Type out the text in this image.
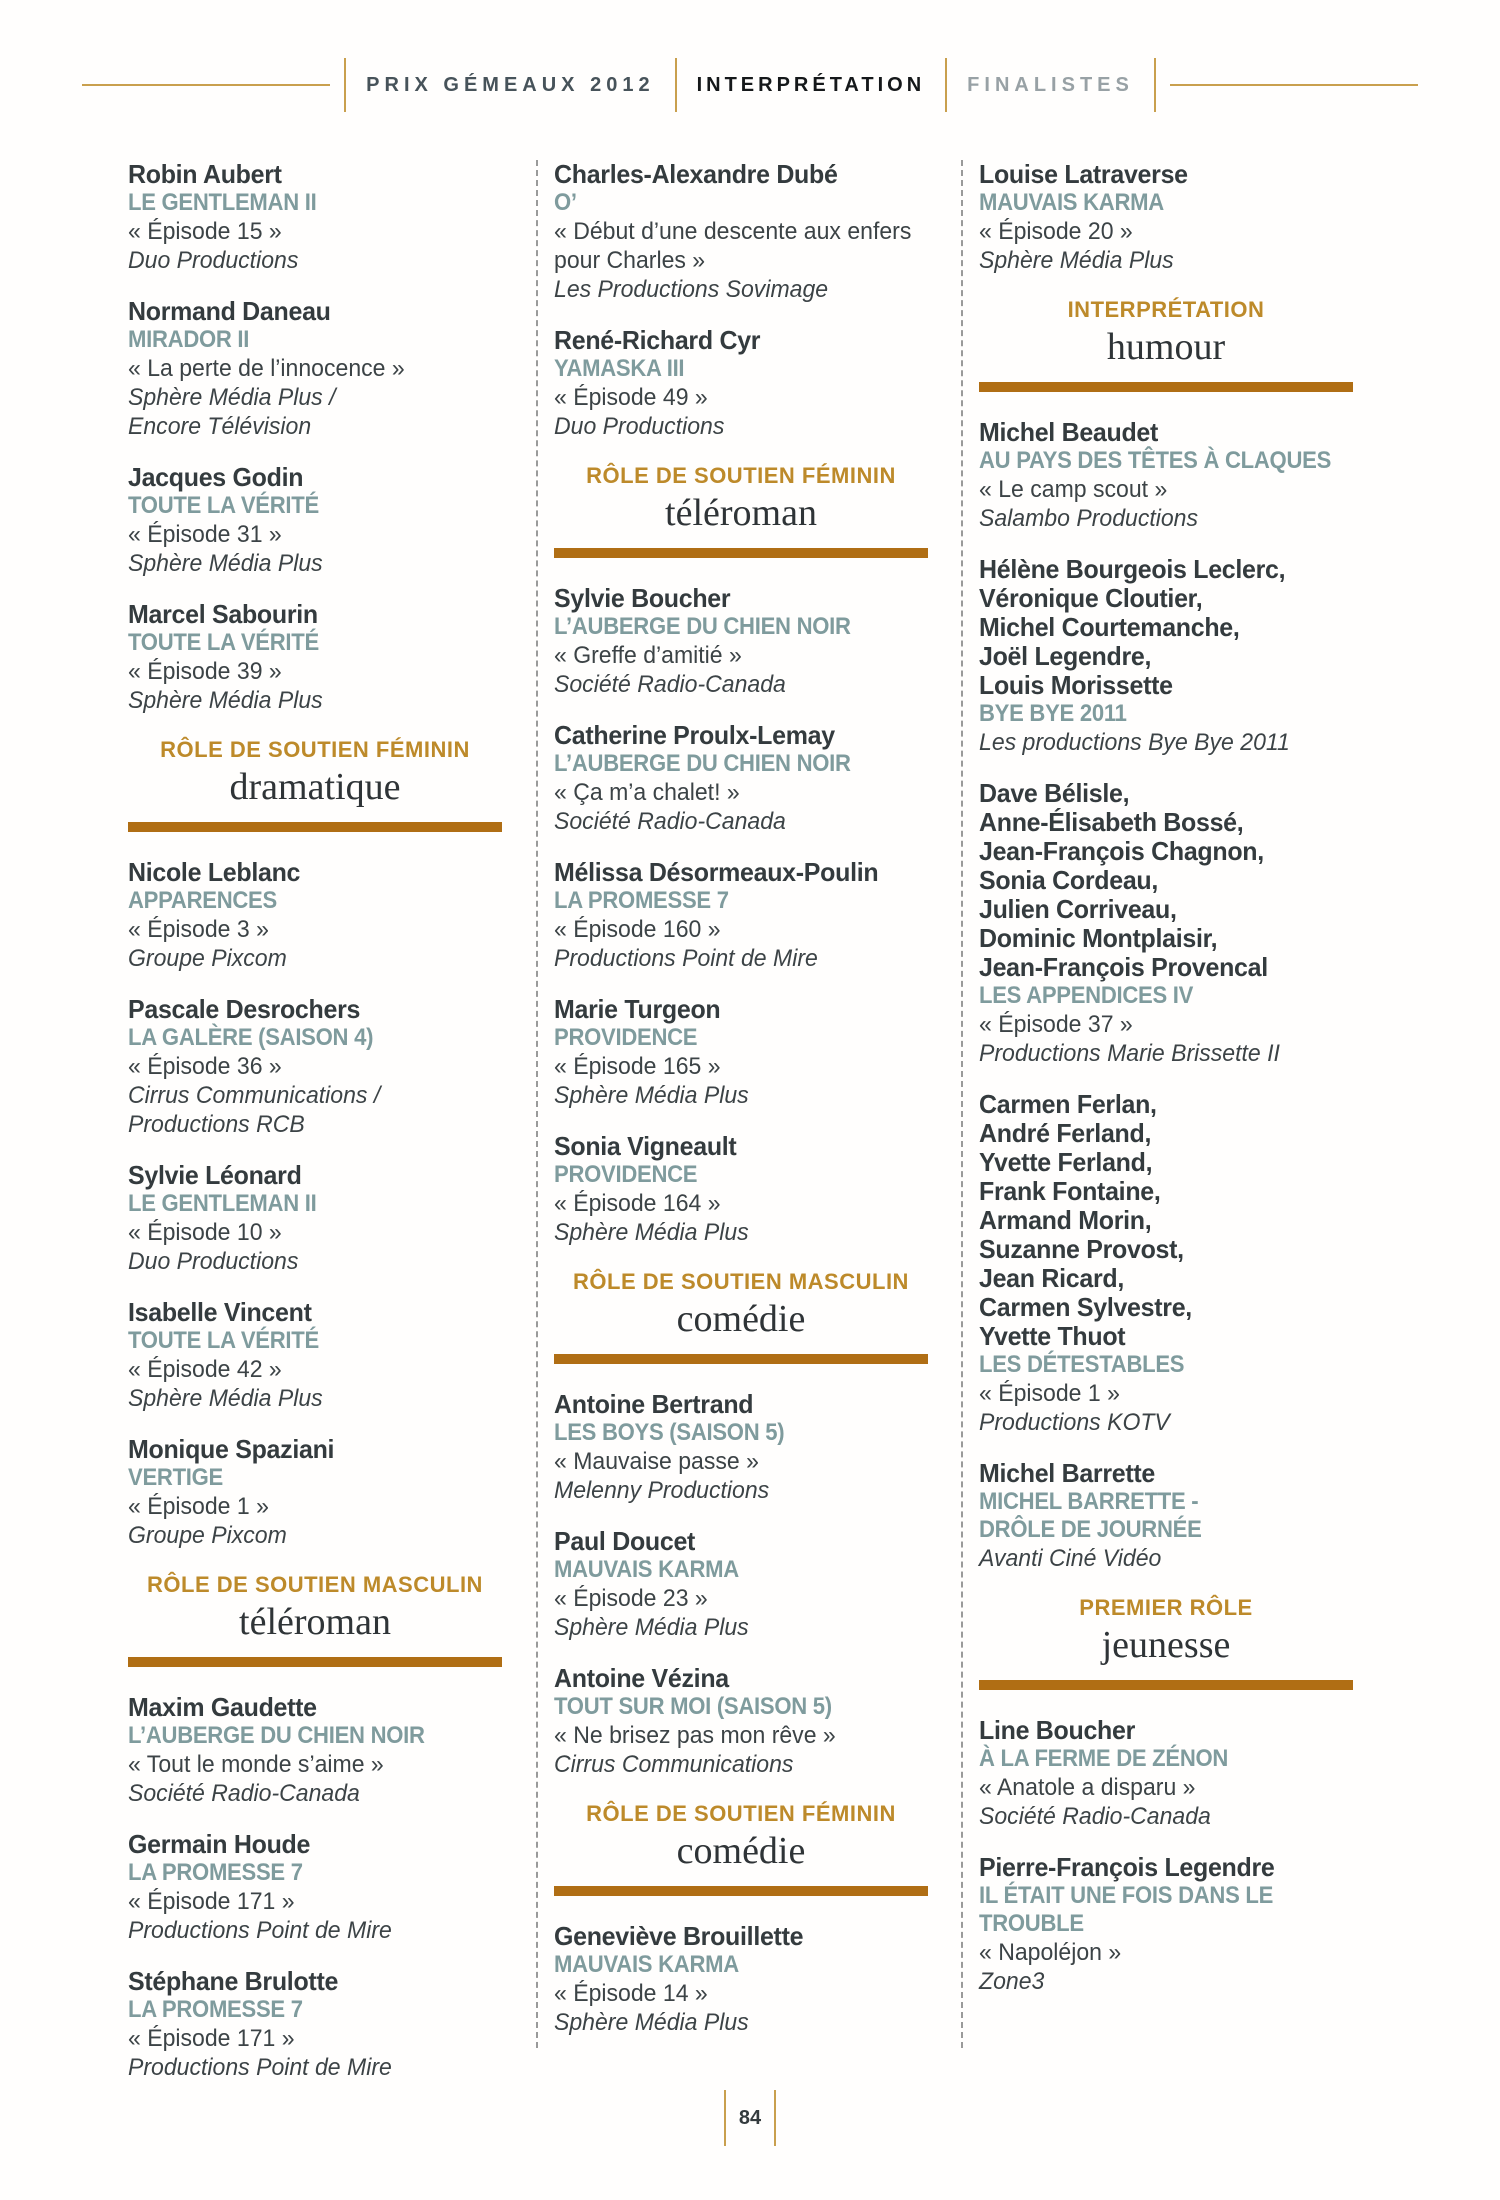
PRIX GÉMEAUX 2012	INTERPRÉTATION	FINALISTES
Robin Aubert
LE GENTLEMAN II
« Épisode 15 »
Duo Productions
Normand Daneau
MIRADOR II
« La perte de l’innocence »
Sphère Média Plus /
Encore Télévision
Jacques Godin
TOUTE LA VÉRITÉ
« Épisode 31 »
Sphère Média Plus
Marcel Sabourin
TOUTE LA VÉRITÉ
« Épisode 39 »
Sphère Média Plus
RÔLE DE SOUTIEN FÉMININ
dramatique
Nicole Leblanc
APPARENCES
« Épisode 3 »
Groupe Pixcom
Pascale Desrochers
LA GALÈRE (SAISON 4)
« Épisode 36 »
Cirrus Communications /
Productions RCB
Sylvie Léonard
LE GENTLEMAN II
« Épisode 10 »
Duo Productions
Isabelle Vincent
TOUTE LA VÉRITÉ
« Épisode 42 »
Sphère Média Plus
Monique Spaziani
VERTIGE
« Épisode 1 »
Groupe Pixcom
RÔLE DE SOUTIEN MASCULIN
téléroman
Maxim Gaudette
L’AUBERGE DU CHIEN NOIR
« Tout le monde s’aime »
Société Radio-Canada
Germain Houde
LA PROMESSE 7
« Épisode 171 »
Productions Point de Mire
Stéphane Brulotte
LA PROMESSE 7
« Épisode 171 »
Productions Point de Mire
Charles-Alexandre Dubé
O’
« Début d’une descente aux enfers
pour Charles »
Les Productions Sovimage
René-Richard Cyr
YAMASKA III
« Épisode 49 »
Duo Productions
RÔLE DE SOUTIEN FÉMININ
téléroman
Sylvie Boucher
L’AUBERGE DU CHIEN NOIR
« Greffe d’amitié »
Société Radio-Canada
Catherine Proulx-Lemay
L’AUBERGE DU CHIEN NOIR
« Ça m’a chalet! »
Société Radio-Canada
Mélissa Désormeaux-Poulin
LA PROMESSE 7
« Épisode 160 »
Productions Point de Mire
Marie Turgeon
PROVIDENCE
« Épisode 165 »
Sphère Média Plus
Sonia Vigneault
PROVIDENCE
« Épisode 164 »
Sphère Média Plus
RÔLE DE SOUTIEN MASCULIN
comédie
Antoine Bertrand
LES BOYS (SAISON 5)
« Mauvaise passe »
Melenny Productions
Paul Doucet
MAUVAIS KARMA
« Épisode 23 »
Sphère Média Plus
Antoine Vézina
TOUT SUR MOI (SAISON 5)
« Ne brisez pas mon rêve »
Cirrus Communications
RÔLE DE SOUTIEN FÉMININ
comédie
Geneviève Brouillette
MAUVAIS KARMA
« Épisode 14 »
Sphère Média Plus
Louise Latraverse
MAUVAIS KARMA
« Épisode 20 »
Sphère Média Plus
INTERPRÉTATION
humour
Michel Beaudet
AU PAYS DES TÊTES À CLAQUES
« Le camp scout »
Salambo Productions
Hélène Bourgeois Leclerc,
Véronique Cloutier,
Michel Courtemanche,
Joël Legendre,
Louis Morissette
BYE BYE 2011
Les productions Bye Bye 2011
Dave Bélisle,
Anne-Élisabeth Bossé,
Jean-François Chagnon,
Sonia Cordeau,
Julien Corriveau,
Dominic Montplaisir,
Jean-François Provencal
LES APPENDICES IV
« Épisode 37 »
Productions Marie Brissette II
Carmen Ferlan,
André Ferland,
Yvette Ferland,
Frank Fontaine,
Armand Morin,
Suzanne Provost,
Jean Ricard,
Carmen Sylvestre,
Yvette Thuot
LES DÉTESTABLES
« Épisode 1 »
Productions KOTV
Michel Barrette
MICHEL BARRETTE -
DRÔLE DE JOURNÉE
Avanti Ciné Vidéo
PREMIER RÔLE
jeunesse
Line Boucher
À LA FERME DE ZÉNON
« Anatole a disparu »
Société Radio-Canada
Pierre-François Legendre
IL ÉTAIT UNE FOIS DANS LE
TROUBLE
« Napoléjon »
Zone3
84
